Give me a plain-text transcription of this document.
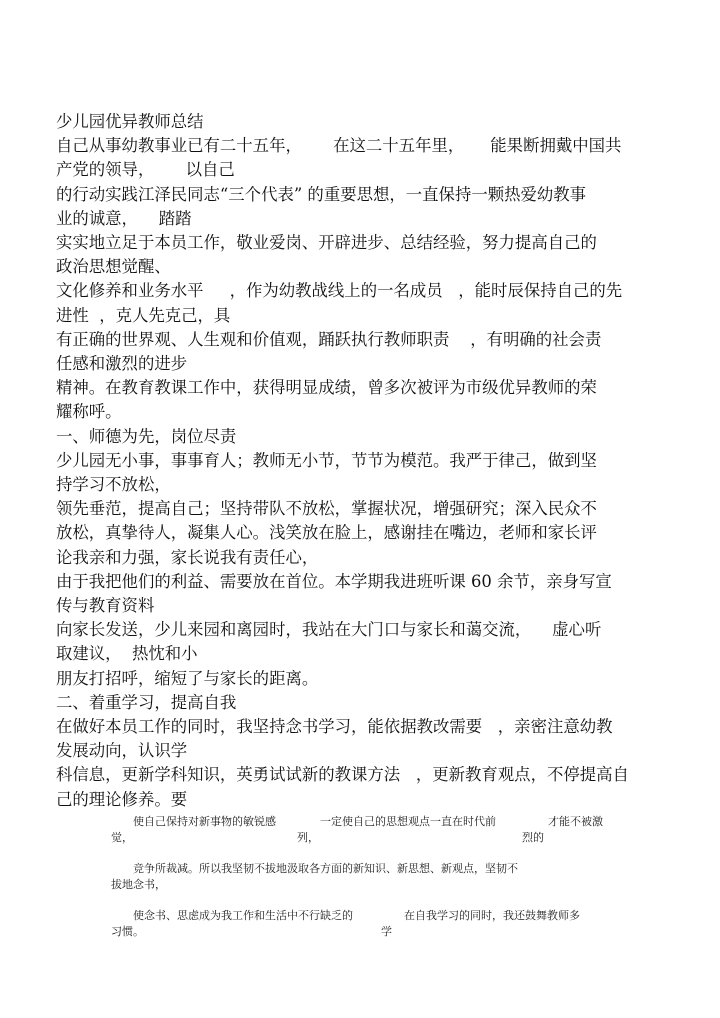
少儿园优异教师总结
自己从事幼教事业已有二十五年，      在这二十五年里，     能果断拥戴中国共
产党的领导，      以自己
的行动实践江泽民同志“三个代表” 的重要思想，一直保持一颗热爱幼教事
业的诚意，    踏踏
实实地立足于本员工作，敬业爱岗、开辟进步、总结经验，努力提高自己的
政治思想觉醒、
文化修养和业务水平     ，作为幼教战线上的一名成员   ，能时辰保持自己的先
进性  ，克人先克己，具
有正确的世界观、人生观和价值观，踊跃执行教师职责    ，有明确的社会责
任感和激烈的进步
精神。在教育教课工作中，获得明显成绩，曾多次被评为市级优异教师的荣
耀称呼。
一、师德为先，岗位尽责
少儿园无小事，事事育人；教师无小节，节节为模范。我严于律己，做到坚
持学习不放松，
领先垂范，提高自己；坚持带队不放松，掌握状况，增强研究；深入民众不
放松，真挚待人，凝集人心。浅笑放在脸上，感谢挂在嘴边，老师和家长评
论我亲和力强，家长说我有责任心，
由于我把他们的利益、需要放在首位。本学期我进班听课 60 余节，亲身写宣
传与教育资料
向家长发送，少儿来园和离园时，我站在大门口与家长和蔼交流，    虚心听
取建议，  热忱和小
朋友打招呼，缩短了与家长的距离。
二、着重学习，提高自我
在做好本员工作的同时，我坚持念书学习，能依据教改需要   ，亲密注意幼教
发展动向，认识学
科信息，更新学科知识，英勇试试新的教课方法   ，更新教育观点，不停提高自
己的理论修养。要
使自己保持对新事物的敏锐感	一定使自己的思想观点一直在时代前	才能不被激
觉，	列，	烈的
竞争所裁减。所以我坚韧不拔地汲取各方面的新知识、新思想、新观点，坚韧不
拔地念书，
使念书、思虑成为我工作和生活中不行缺乏的	在自我学习的同时，我还鼓舞教师多
习惯。	学
